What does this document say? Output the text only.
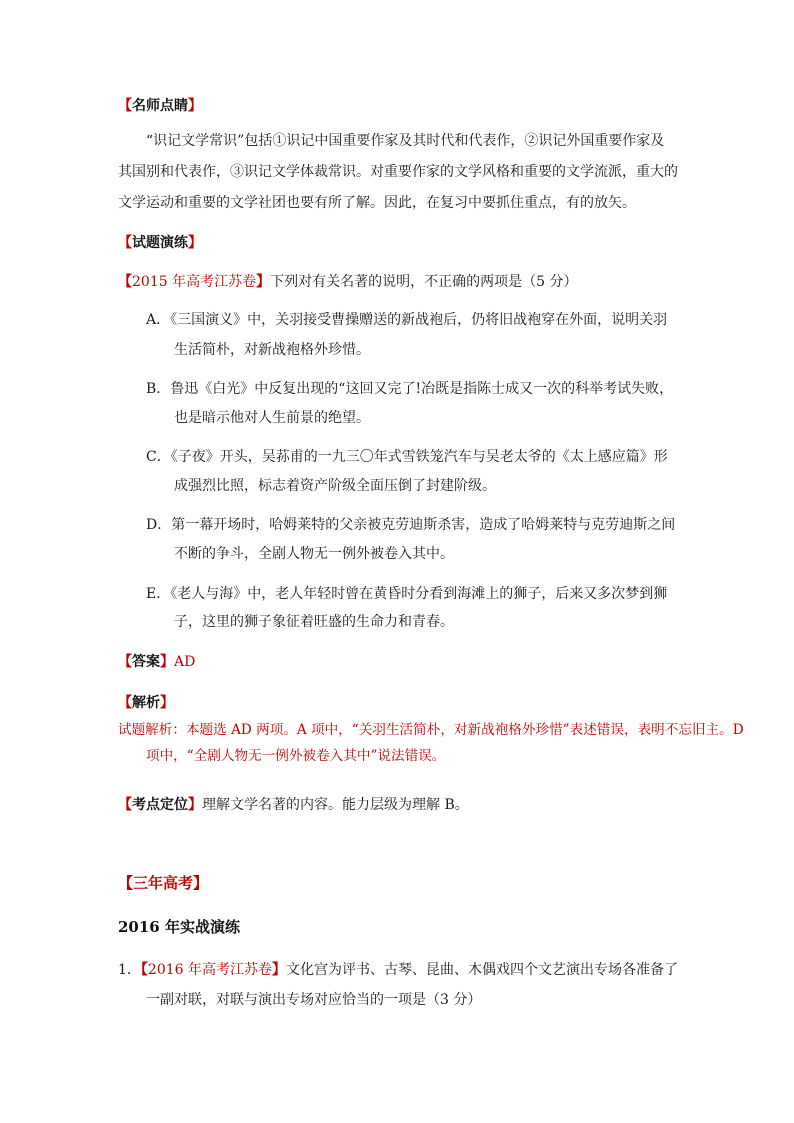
【名师点睛】
“识记文学常识”包括①识记中国重要作家及其时代和代表作，②识记外国重要作家及
其国别和代表作，③识记文学体裁常识。对重要作家的文学风格和重要的文学流派，重大的
文学运动和重要的文学社团也要有所了解。因此，在复习中要抓住重点，有的放矢。
【试题演练】
【2015 年高考江苏卷】下列对有关名著的说明，不正确的两项是（5 分）
A．《三国演义》中，关羽接受曹操赠送的新战袍后，仍将旧战袍穿在外面，说明关羽
生活简朴，对新战袍格外珍惜。
B．鲁迅《白光》中反复出现的“这回又完了!冶既是指陈士成又一次的科举考试失败，
也是暗示他对人生前景的绝望。
C．《子夜》开头，吴荪甫的一九三〇年式雪铁笼汽车与吴老太爷的《太上感应篇》形
成强烈比照，标志着资产阶级全面压倒了封建阶级。
D．第一幕开场时，哈姆莱特的父亲被克劳迪斯杀害，造成了哈姆莱特与克劳迪斯之间
不断的争斗，全剧人物无一例外被卷入其中。
E．《老人与海》中，老人年轻时曾在黄昏时分看到海滩上的狮子，后来又多次梦到狮
子，这里的狮子象征着旺盛的生命力和青春。
【答案】AD
【解析】
试题解析：本题选 AD 两项。A 项中，“关羽生活简朴，对新战袍格外珍惜”表述错误，表明不忘旧主。D
项中，“全剧人物无一例外被卷入其中”说法错误。
【考点定位】理解文学名著的内容。能力层级为理解 B。
【三年高考】
2016 年实战演练
1．【2016 年高考江苏卷】文化宫为评书、古琴、昆曲、木偶戏四个文艺演出专场各准备了
一副对联，对联与演出专场对应恰当的一项是（3 分）
